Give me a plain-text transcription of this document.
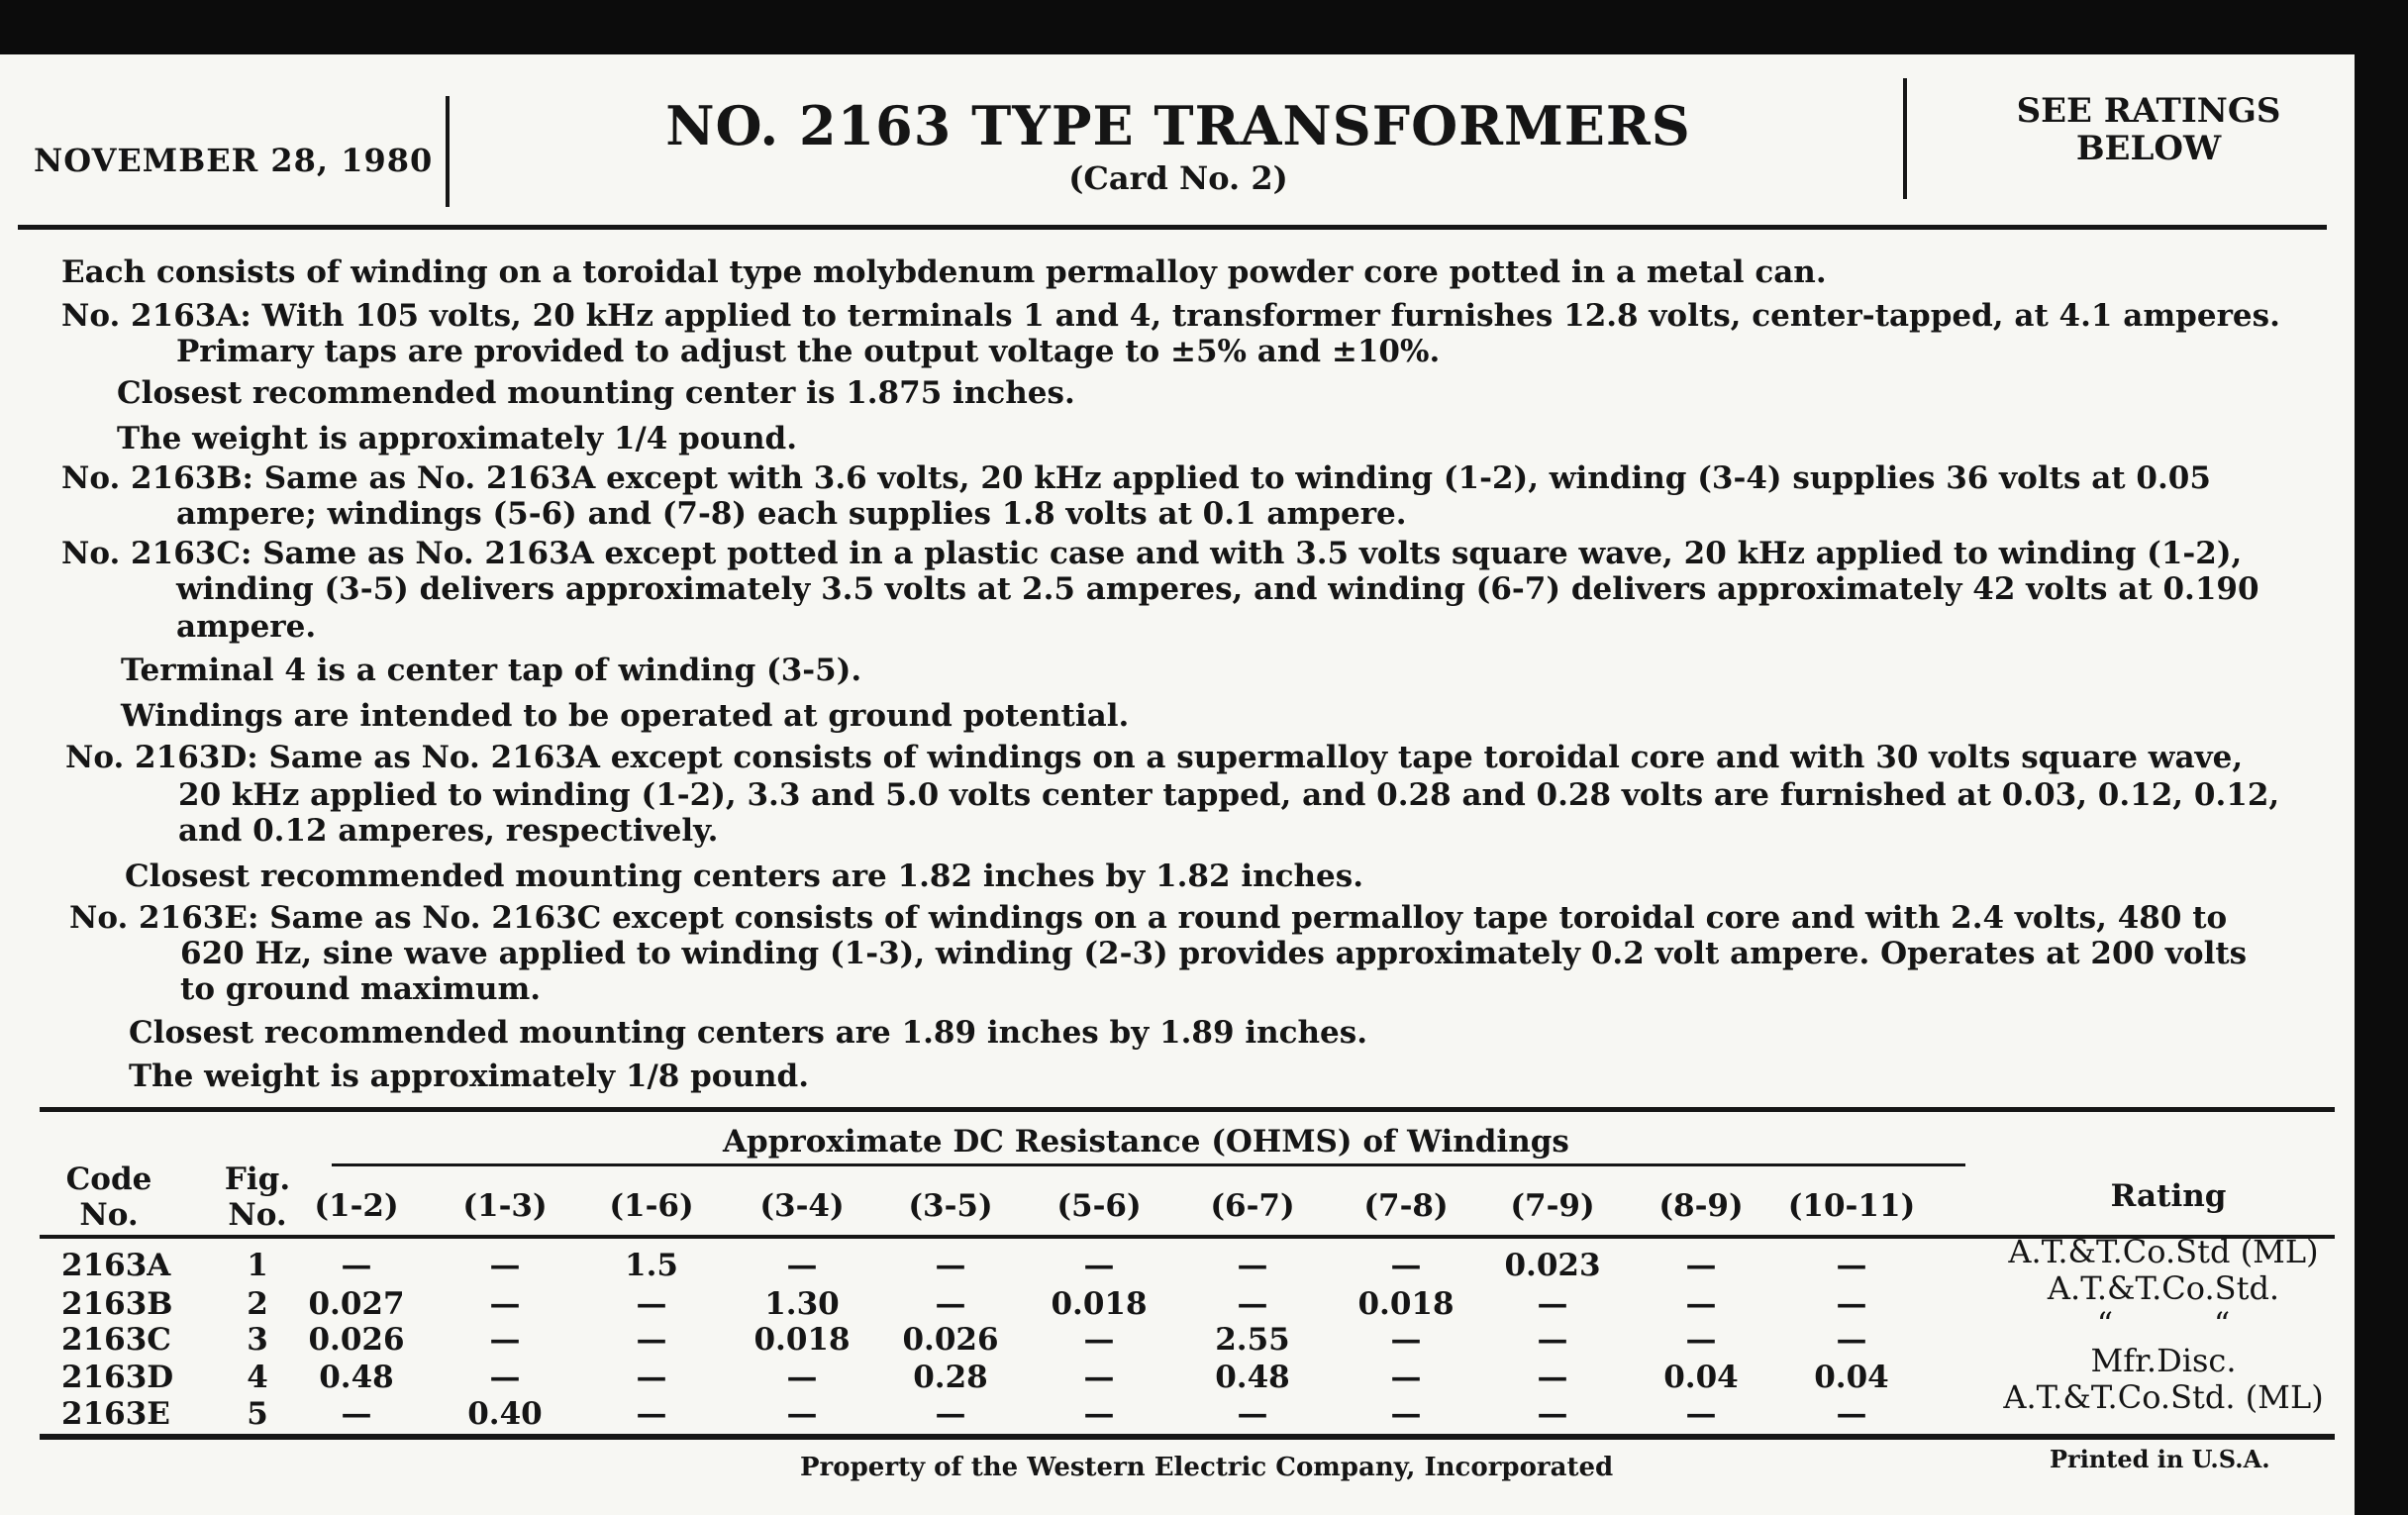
NOVEMBER 28, 1980
NO. 2163 TYPE TRANSFORMERS
(Card No. 2)
SEE RATINGS
BELOW
Each consists of winding on a toroidal type molybdenum permalloy powder core potted in a metal can.
No. 2163A: With 105 volts, 20 kHz applied to terminals 1 and 4, transformer furnishes 12.8 volts, center-tapped, at 4.1 amperes.
Primary taps are provided to adjust the output voltage to ±5% and ±10%.
Closest recommended mounting center is 1.875 inches.
The weight is approximately 1/4 pound.
No. 2163B: Same as No. 2163A except with 3.6 volts, 20 kHz applied to winding (1-2), winding (3-4) supplies 36 volts at 0.05
ampere; windings (5-6) and (7-8) each supplies 1.8 volts at 0.1 ampere.
No. 2163C: Same as No. 2163A except potted in a plastic case and with 3.5 volts square wave, 20 kHz applied to winding (1-2),
winding (3-5) delivers approximately 3.5 volts at 2.5 amperes, and winding (6-7) delivers approximately 42 volts at 0.190
ampere.
Terminal 4 is a center tap of winding (3-5).
Windings are intended to be operated at ground potential.
No. 2163D: Same as No. 2163A except consists of windings on a supermalloy tape toroidal core and with 30 volts square wave,
20 kHz applied to winding (1-2), 3.3 and 5.0 volts center tapped, and 0.28 and 0.28 volts are furnished at 0.03, 0.12, 0.12,
and 0.12 amperes, respectively.
Closest recommended mounting centers are 1.82 inches by 1.82 inches.
No. 2163E: Same as No. 2163C except consists of windings on a round permalloy tape toroidal core and with 2.4 volts, 480 to
620 Hz, sine wave applied to winding (1-3), winding (2-3) provides approximately 0.2 volt ampere. Operates at 200 volts
to ground maximum.
Closest recommended mounting centers are 1.89 inches by 1.89 inches.
The weight is approximately 1/8 pound.
Approximate DC Resistance (OHMS) of Windings
Code
No.
Fig.
No. (1-2)	(1-3)	(1-6)	(3-4)	(3-5)	(5-6)	(6-7)	(7-8)	(7-9)	(8-9)	(10-11)	Rating
2163A	1	—	—	1.5	—	—	—	—	—	0.023	—	—	A.T.&T.Co.Std (ML)
2163B	2	0.027	—	—	1.30	—	0.018	—	0.018	—	—	—	A.T.&T.Co.Std.
2163C	3	0.026	—	—	0.018	0.026	—	2.55	—	—	—	—	“          “
2163D	4	0.48	—	—	—	0.28	—	0.48	—	—	0.04	0.04	Mfr.Disc.
2163E	5	—	0.40	—	—	—	—	—	—	—	—	—	A.T.&T.Co.Std. (ML)
Property of the Western Electric Company, Incorporated	Printed in U.S.A.
